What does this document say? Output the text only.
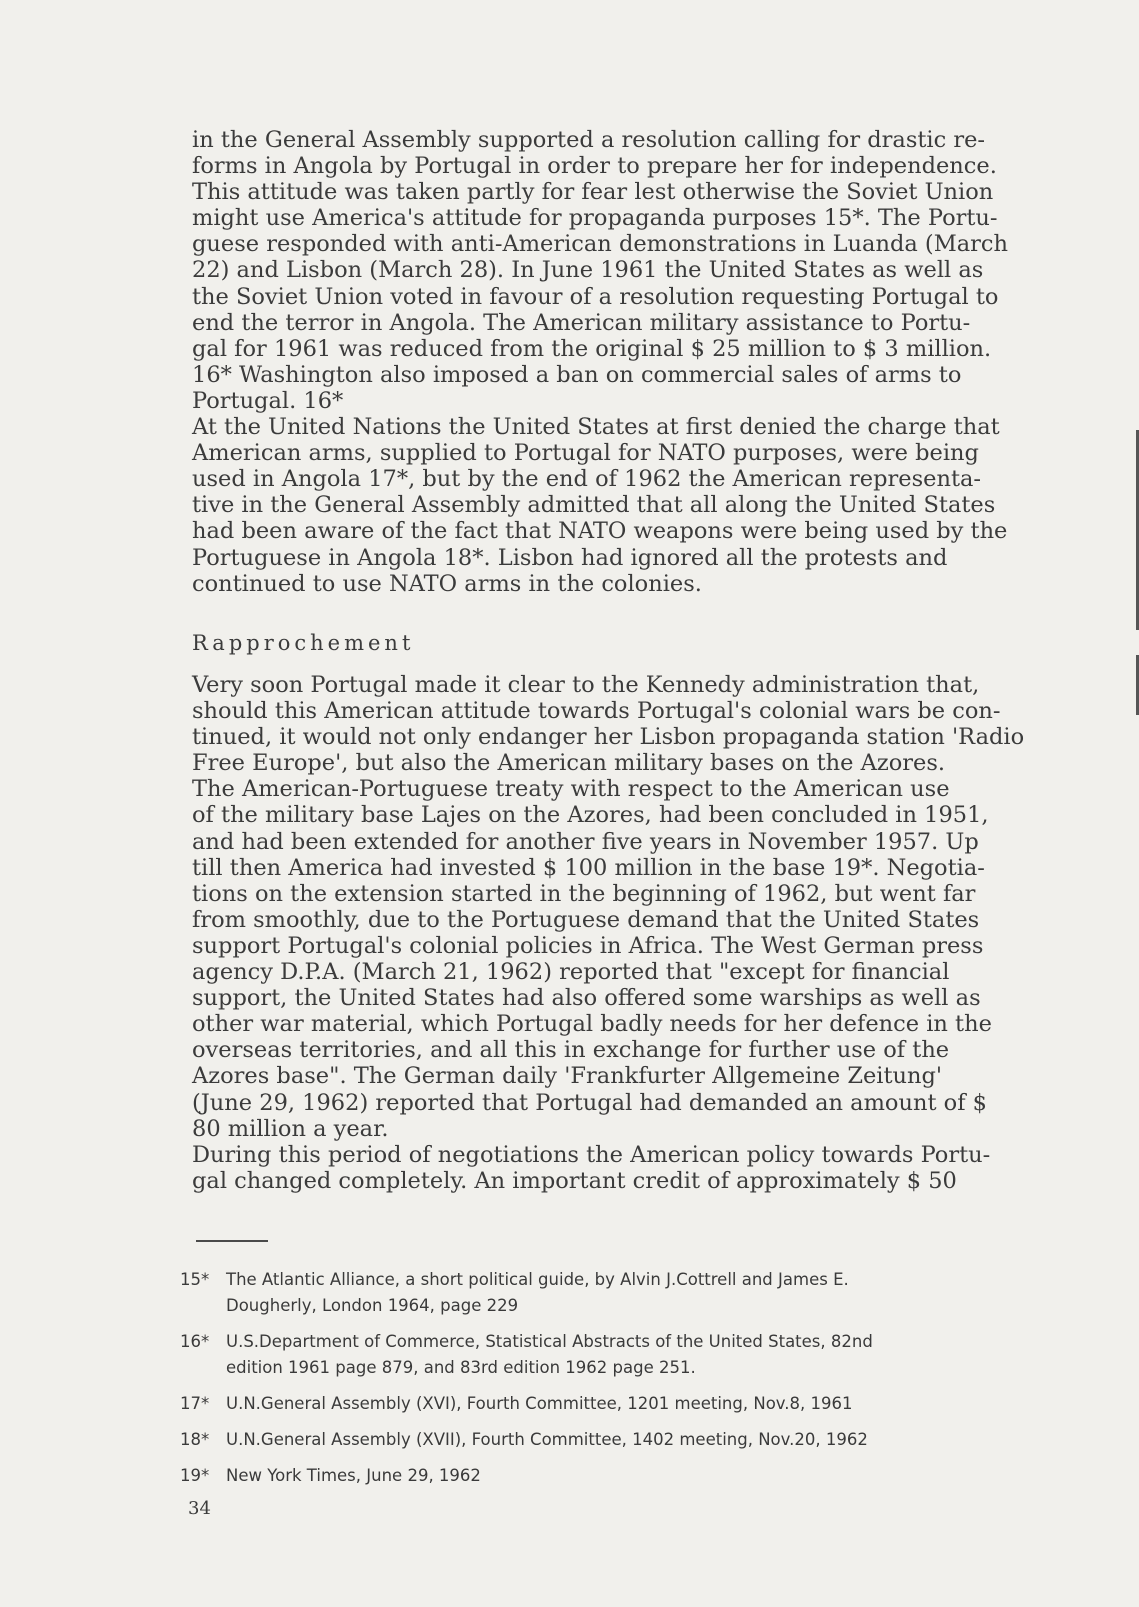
in the General Assembly supported a resolution calling for drastic re-
forms in Angola by Portugal in order to prepare her for independence.
This attitude was taken partly for fear lest otherwise the Soviet Union
might use America's attitude for propaganda purposes 15*. The Portu-
guese responded with anti-American demonstrations in Luanda (March
22) and Lisbon (March 28). In June 1961 the United States as well as
the Soviet Union voted in favour of a resolution requesting Portugal to
end the terror in Angola. The American military assistance to Portu-
gal for 1961 was reduced from the original $ 25 million to $ 3 million.
16* Washington also imposed a ban on commercial sales of arms to
Portugal. 16*
At the United Nations the United States at first denied the charge that
American arms, supplied to Portugal for NATO purposes, were being
used in Angola 17*, but by the end of 1962 the American representa-
tive in the General Assembly admitted that all along the United States
had been aware of the fact that NATO weapons were being used by the
Portuguese in Angola 18*. Lisbon had ignored all the protests and
continued to use NATO arms in the colonies.
Rapprochement
Very soon Portugal made it clear to the Kennedy administration that,
should this American attitude towards Portugal's colonial wars be con-
tinued, it would not only endanger her Lisbon propaganda station 'Radio
Free Europe', but also the American military bases on the Azores.
The American-Portuguese treaty with respect to the American use
of the military base Lajes on the Azores, had been concluded in 1951,
and had been extended for another five years in November 1957. Up
till then America had invested $ 100 million in the base 19*. Negotia-
tions on the extension started in the beginning of 1962, but went far
from smoothly, due to the Portuguese demand that the United States
support Portugal's colonial policies in Africa. The West German press
agency D.P.A. (March 21, 1962) reported that "except for financial
support, the United States had also offered some warships as well as
other war material, which Portugal badly needs for her defence in the
overseas territories, and all this in exchange for further use of the
Azores base". The German daily 'Frankfurter Allgemeine Zeitung'
(June 29, 1962) reported that Portugal had demanded an amount of $
80 million a year.
During this period of negotiations the American policy towards Portu-
gal changed completely. An important credit of approximately $ 50
15* The Atlantic Alliance, a short political guide, by Alvin J.Cottrell and James E.
Dougherly, London 1964, page 229
16* U.S.Department of Commerce, Statistical Abstracts of the United States, 82nd
edition 1961 page 879, and 83rd edition 1962 page 251.
17* U.N.General Assembly (XVI), Fourth Committee, 1201 meeting, Nov.8, 1961
18* U.N.General Assembly (XVII), Fourth Committee, 1402 meeting, Nov.20, 1962
19* New York Times, June 29, 1962
34
